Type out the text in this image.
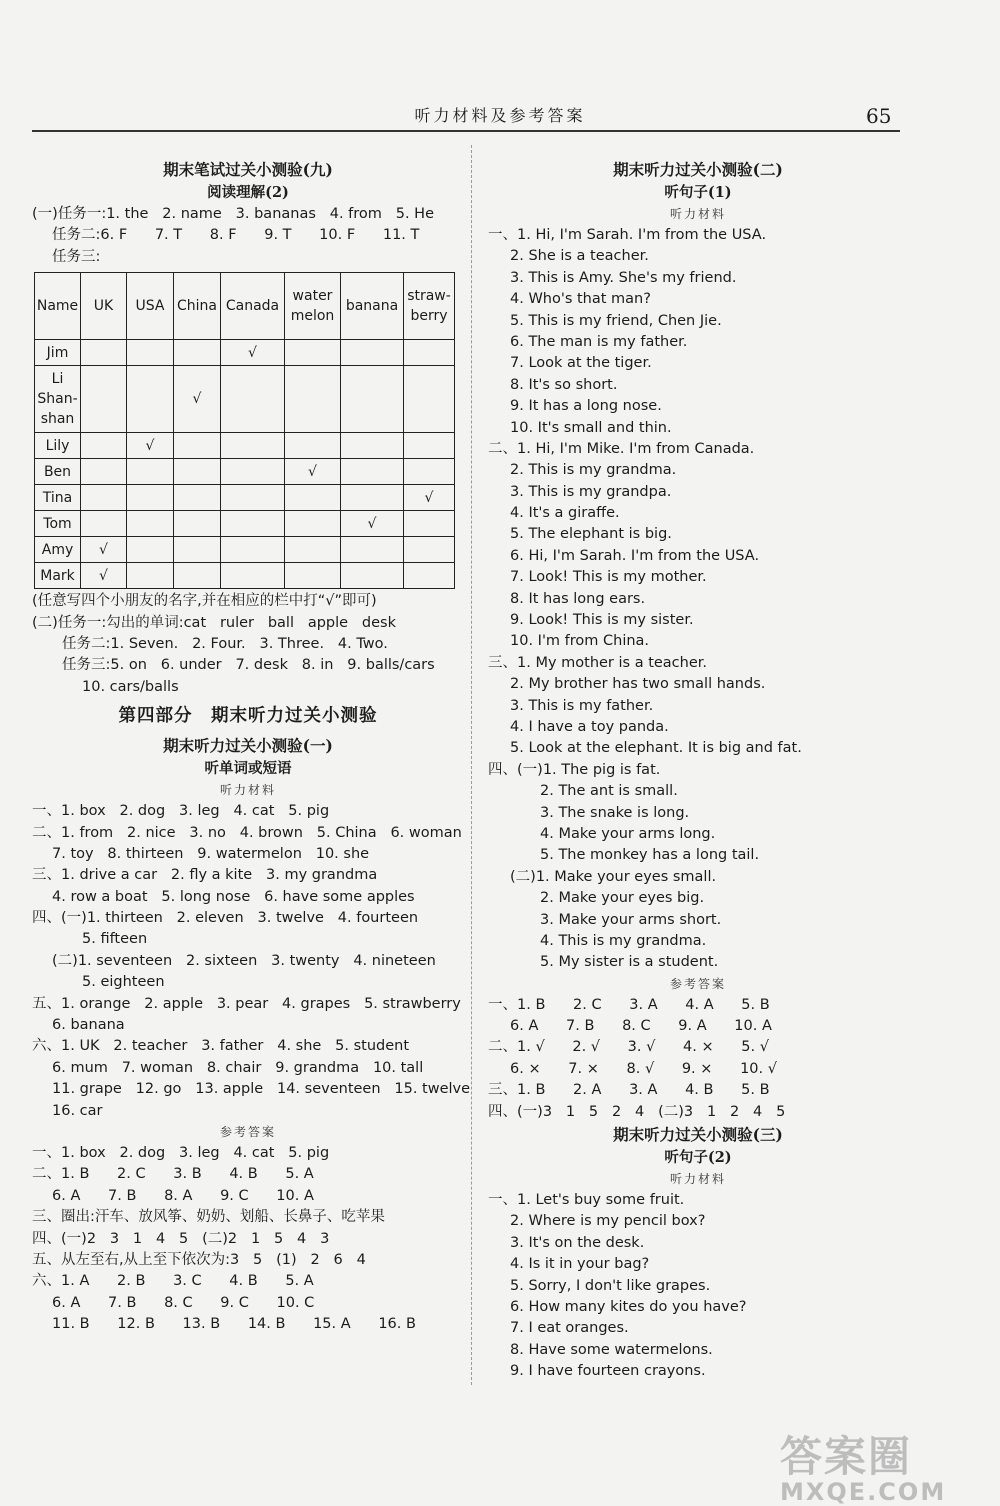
听力材料及参考答案	65
期末笔试过关小测验(九)
阅读理解(2)
(一)任务一:1. the   2. name   3. bananas   4. from   5. He
任务二:6. F      7. T      8. F      9. T      10. F      11. T
任务三:
Name	UK	USA	China	Canada	water
melon	banana	straw-
berry
Jim				√			
Li
Shan-
shan			√				
Lily		√					
Ben					√		
Tina							√
Tom						√	
Amy	√						
Mark	√						
(任意写四个小朋友的名字,并在相应的栏中打“√”即可)
(二)任务一:勾出的单词:cat   ruler   ball   apple   desk
任务二:1. Seven.   2. Four.   3. Three.   4. Two.
任务三:5. on   6. under   7. desk   8. in   9. balls/cars
10. cars/balls
第四部分　期末听力过关小测验
期末听力过关小测验(一)
听单词或短语
听力材料
一、1. box   2. dog   3. leg   4. cat   5. pig
二、1. from   2. nice   3. no   4. brown   5. China   6. woman
7. toy   8. thirteen   9. watermelon   10. she
三、1. drive a car   2. fly a kite   3. my grandma
4. row a boat   5. long nose   6. have some apples
四、(一)1. thirteen   2. eleven   3. twelve   4. fourteen
5. fifteen
(二)1. seventeen   2. sixteen   3. twenty   4. nineteen
5. eighteen
五、1. orange   2. apple   3. pear   4. grapes   5. strawberry
6. banana
六、1. UK   2. teacher   3. father   4. she   5. student
6. mum   7. woman   8. chair   9. grandma   10. tall
11. grape   12. go   13. apple   14. seventeen   15. twelve
16. car
参考答案
一、1. box   2. dog   3. leg   4. cat   5. pig
二、1. B      2. C      3. B      4. B      5. A
6. A      7. B      8. A      9. C      10. A
三、圈出:汗车、放风筝、奶奶、划船、长鼻子、吃苹果
四、(一)2   3   1   4   5   (二)2   1   5   4   3
五、从左至右,从上至下依次为:3   5   (1)   2   6   4
六、1. A      2. B      3. C      4. B      5. A
6. A      7. B      8. C      9. C      10. C
11. B      12. B      13. B      14. B      15. A      16. B
期末听力过关小测验(二)
听句子(1)
听力材料
一、1. Hi, I'm Sarah. I'm from the USA.
2. She is a teacher.
3. This is Amy. She's my friend.
4. Who's that man?
5. This is my friend, Chen Jie.
6. The man is my father.
7. Look at the tiger.
8. It's so short.
9. It has a long nose.
10. It's small and thin.
二、1. Hi, I'm Mike. I'm from Canada.
2. This is my grandma.
3. This is my grandpa.
4. It's a giraffe.
5. The elephant is big.
6. Hi, I'm Sarah. I'm from the USA.
7. Look! This is my mother.
8. It has long ears.
9. Look! This is my sister.
10. I'm from China.
三、1. My mother is a teacher.
2. My brother has two small hands.
3. This is my father.
4. I have a toy panda.
5. Look at the elephant. It is big and fat.
四、(一)1. The pig is fat.
2. The ant is small.
3. The snake is long.
4. Make your arms long.
5. The monkey has a long tail.
(二)1. Make your eyes small.
2. Make your eyes big.
3. Make your arms short.
4. This is my grandma.
5. My sister is a student.
参考答案
一、1. B      2. C      3. A      4. A      5. B
6. A      7. B      8. C      9. A      10. A
二、1. √      2. √      3. √      4. ×      5. √
6. ×      7. ×      8. √      9. ×      10. √
三、1. B      2. A      3. A      4. B      5. B
四、(一)3   1   5   2   4   (二)3   1   2   4   5
期末听力过关小测验(三)
听句子(2)
听力材料
一、1. Let's buy some fruit.
2. Where is my pencil box?
3. It's on the desk.
4. Is it in your bag?
5. Sorry, I don't like grapes.
6. How many kites do you have?
7. I eat oranges.
8. Have some watermelons.
9. I have fourteen crayons.
答案圈
MXQE.COM
